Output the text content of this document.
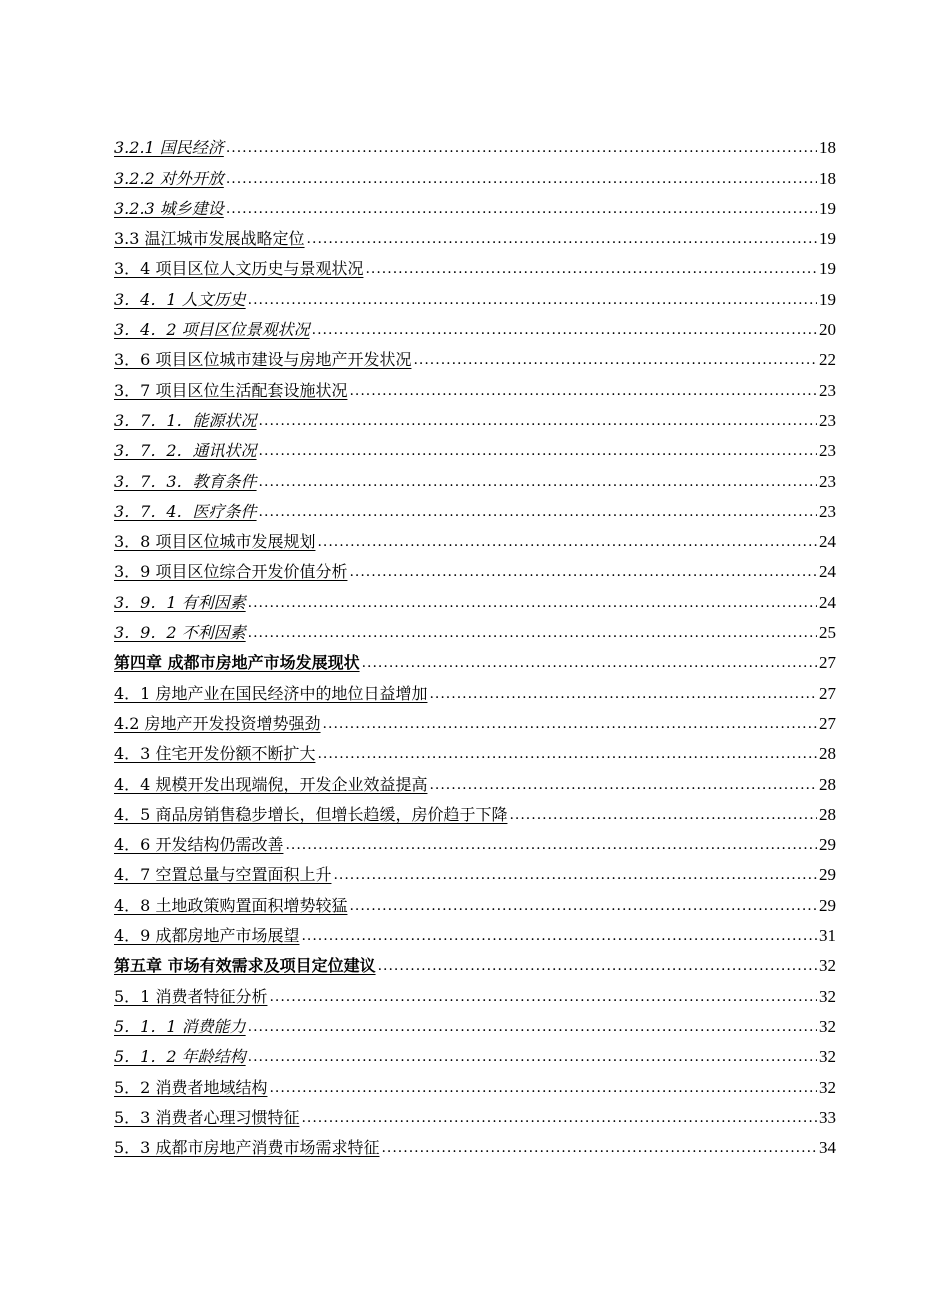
3.2.1 国民经济 .....	18
3.2.2 对外开放 .....	18
3.2.3 城乡建设 .....	19
3.3 温江城市发展战略定位 .....	19
3．4 项目区位人文历史与景观状况 .....	19
3．4．1 人文历史 .....	19
3．4．2 项目区位景观状况 .....	20
3．6 项目区位城市建设与房地产开发状况 .....	22
3．7 项目区位生活配套设施状况 .....	23
3．7．1．能源状况 .....	23
3．7．2．通讯状况 .....	23
3．7．3．教育条件 .....	23
3．7．4．医疗条件 .....	23
3．8 项目区位城市发展规划 .....	24
3．9 项目区位综合开发价值分析 .....	24
3．9．1 有利因素 .....	24
3．9．2 不利因素 .....	25
第四章 成都市房地产市场发展现状 .....	27
4．1 房地产业在国民经济中的地位日益增加 .....	27
4.2 房地产开发投资增势强劲 .....	27
4．3 住宅开发份额不断扩大 .....	28
4．4 规模开发出现端倪，开发企业效益提高 .....	28
4．5 商品房销售稳步增长，但增长趋缓，房价趋于下降 .....	28
4．6 开发结构仍需改善 .....	29
4．7 空置总量与空置面积上升 .....	29
4．8 土地政策购置面积增势较猛 .....	29
4．9 成都房地产市场展望 .....	31
第五章 市场有效需求及项目定位建议 .....	32
5．1 消费者特征分析 .....	32
5．1．1 消费能力 .....	32
5．1．2 年龄结构 .....	32
5．2 消费者地域结构 .....	32
5．3 消费者心理习惯特征 .....	33
5．3 成都市房地产消费市场需求特征 .....	34
